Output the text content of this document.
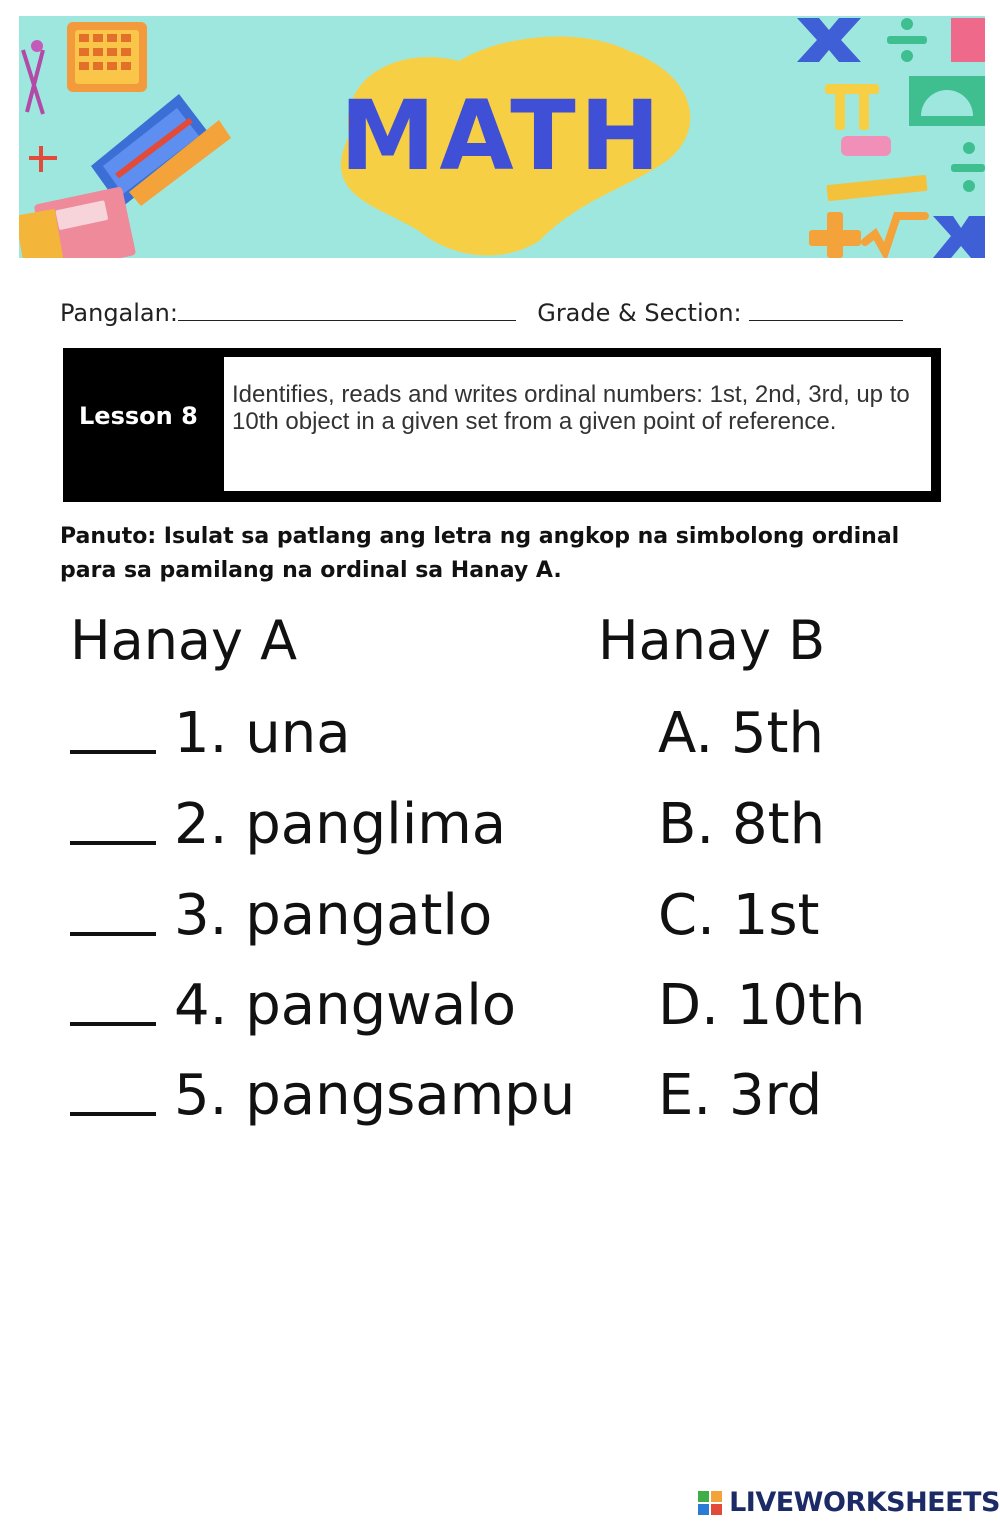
MATH
Pangalan:	Grade & Section:
Lesson 8
Identifies, reads and writes ordinal numbers: 1st, 2nd, 3rd, up to 10th object in a given set from a given point of reference.
Panuto: Isulat sa patlang ang letra ng angkop na simbolong ordinal para sa pamilang na ordinal sa Hanay A.
Hanay A	Hanay B
1. una
2. panglima
3. pangatlo
4. pangwalo
5. pangsampu
A. 5th
B. 8th
C. 1st
D. 10th
E. 3rd
LIVEWORKSHEETS
